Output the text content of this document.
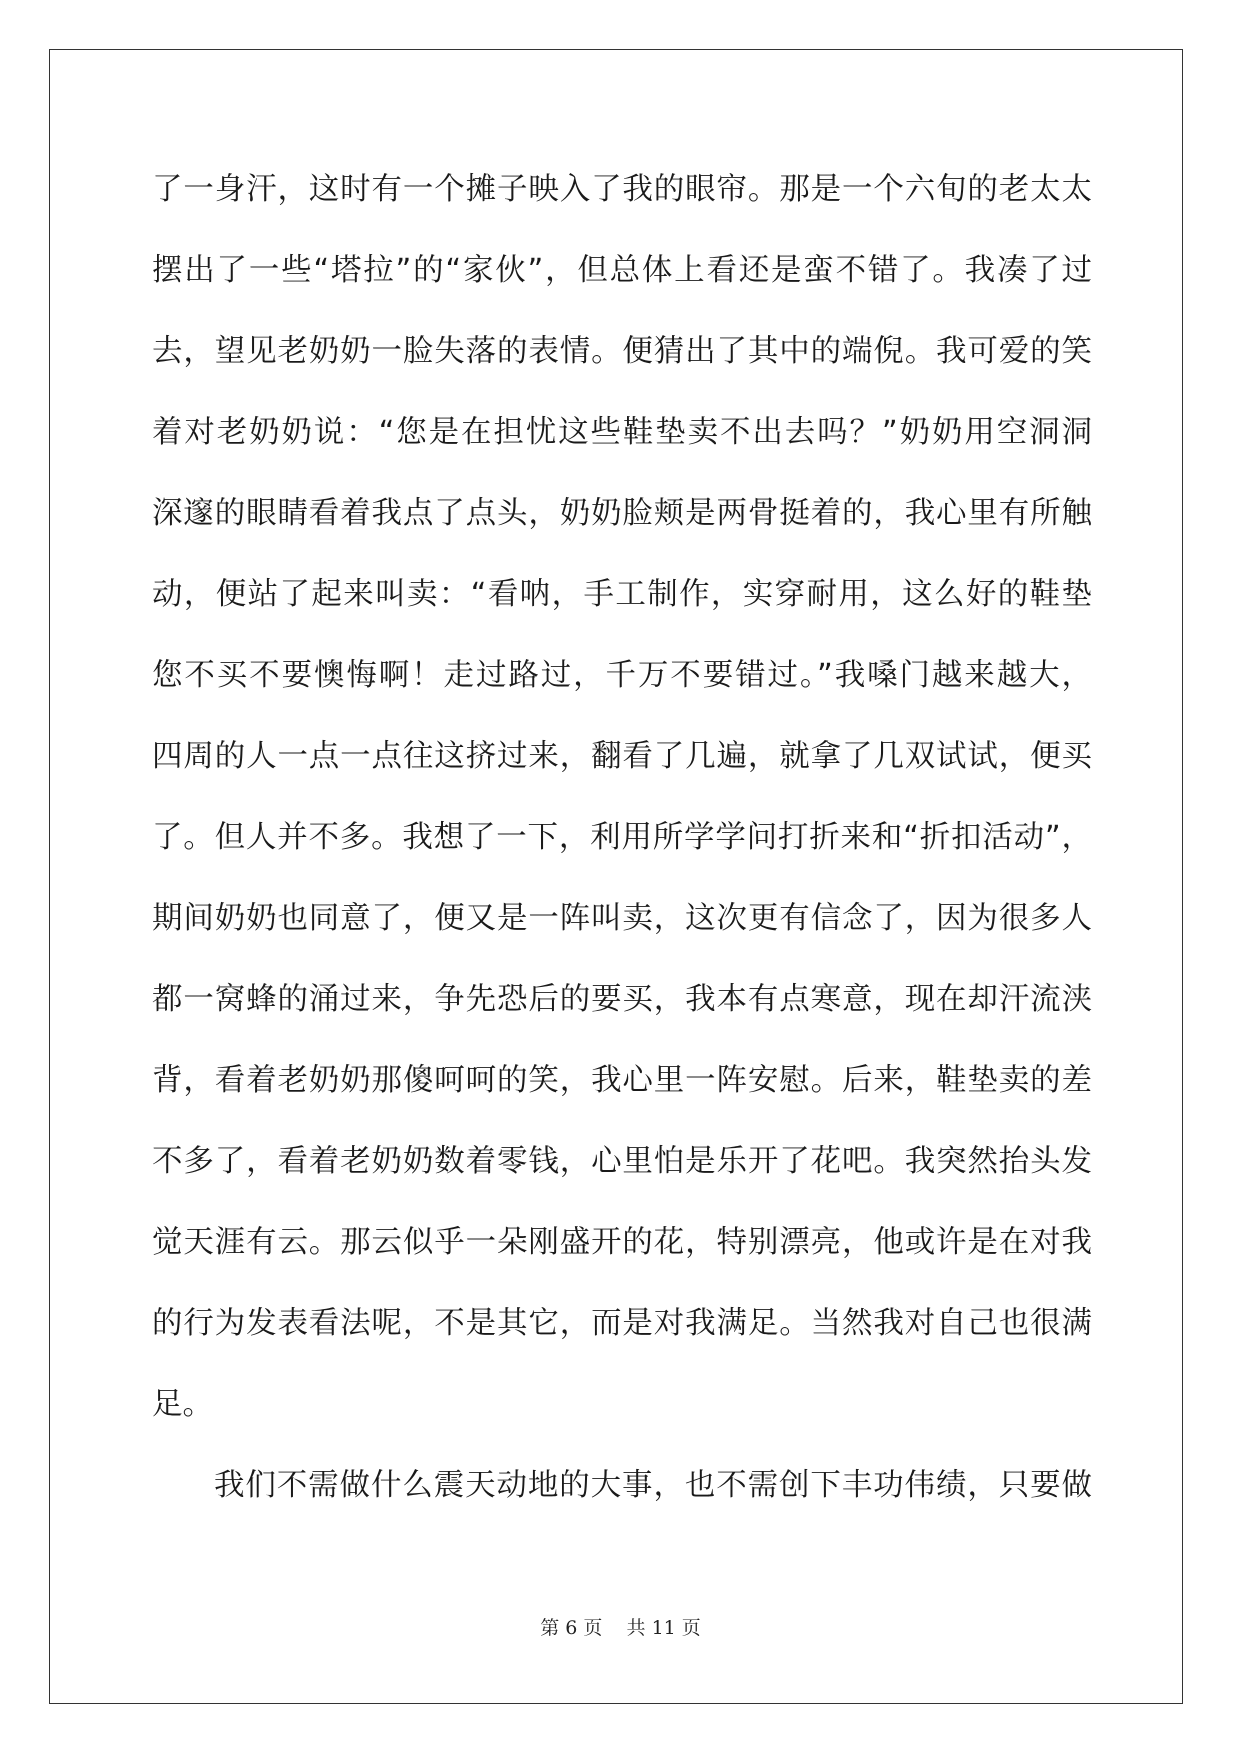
了一身汗，这时有一个摊子映入了我的眼帘。那是一个六旬的老太太
摆出了一些“塔拉”的“家伙”，但总体上看还是蛮不错了。我凑了过
去，望见老奶奶一脸失落的表情。便猜出了其中的端倪。我可爱的笑
着对老奶奶说：“您是在担忧这些鞋垫卖不出去吗？”奶奶用空洞洞
深邃的眼睛看着我点了点头，奶奶脸颊是两骨挺着的，我心里有所触
动，便站了起来叫卖：“看呐，手工制作，实穿耐用，这么好的鞋垫
您不买不要懊悔啊！走过路过，千万不要错过。”我嗓门越来越大，
四周的人一点一点往这挤过来，翻看了几遍，就拿了几双试试，便买
了。但人并不多。我想了一下，利用所学学问打折来和“折扣活动”，
期间奶奶也同意了，便又是一阵叫卖，这次更有信念了，因为很多人
都一窝蜂的涌过来，争先恐后的要买，我本有点寒意，现在却汗流浃
背，看着老奶奶那傻呵呵的笑，我心里一阵安慰。后来，鞋垫卖的差
不多了，看着老奶奶数着零钱，心里怕是乐开了花吧。我突然抬头发
觉天涯有云。那云似乎一朵刚盛开的花，特别漂亮，他或许是在对我
的行为发表看法呢，不是其它，而是对我满足。当然我对自己也很满
足。
我们不需做什么震天动地的大事，也不需创下丰功伟绩，只要做
第 6 页    共 11 页
